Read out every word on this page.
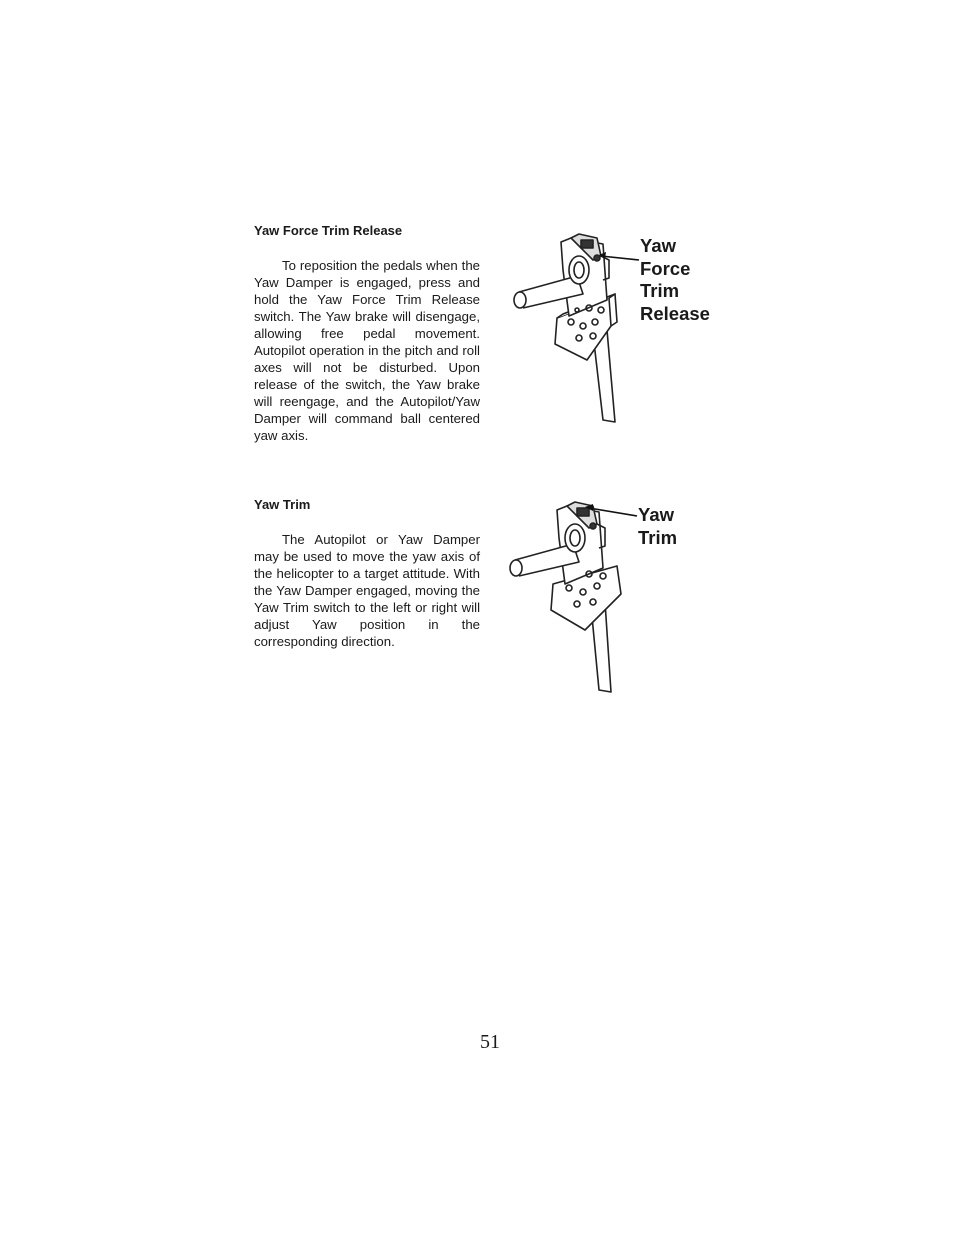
Yaw Force Trim Release

To reposition the pedals when the Yaw Damper is engaged, press and hold the Yaw Force Trim Release switch. The Yaw brake will disengage, allowing free pedal movement. Autopilot operation in the pitch and roll axes will not be disturbed. Upon release of the switch, the Yaw brake will reengage, and the Autopilot/Yaw Damper will command ball centered yaw axis.

Yaw
Force
Trim
Release
Yaw Trim

The Autopilot or Yaw Damper may be used to move the yaw axis of the helicopter to a target attitude. With the Yaw Damper engaged, moving the Yaw Trim switch to the left or right will adjust Yaw position in the corresponding direction.

Yaw
Trim
51
